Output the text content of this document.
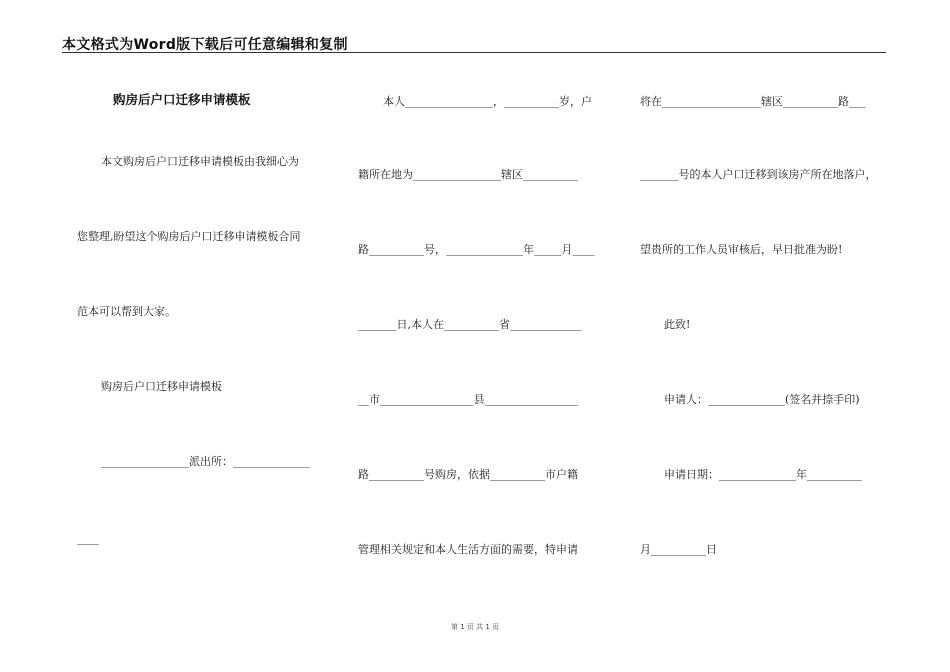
本文格式为Word版下载后可任意编辑和复制
购房后户口迁移申请模板
本文购房后户口迁移申请模板由我细心为
您整理,盼望这个购房后户口迁移申请模板合同
范本可以帮到大家。
购房后户口迁移申请模板
________________派出所：______________
____
本人________________，__________岁，户
籍所在地为________________辖区__________
路__________号，______________年_____月____
_______日,本人在__________省_____________
__市_________________县_________________
路__________号购房，依据__________市户籍
管理相关规定和本人生活方面的需要，特申请
将在__________________辖区__________路___
_______号的本人户口迁移到该房产所在地落户，
望贵所的工作人员审核后，早日批准为盼!
此致!
申请人：______________(签名并捺手印)
申请日期：______________年__________
月__________日
第 1 页 共 1 页
